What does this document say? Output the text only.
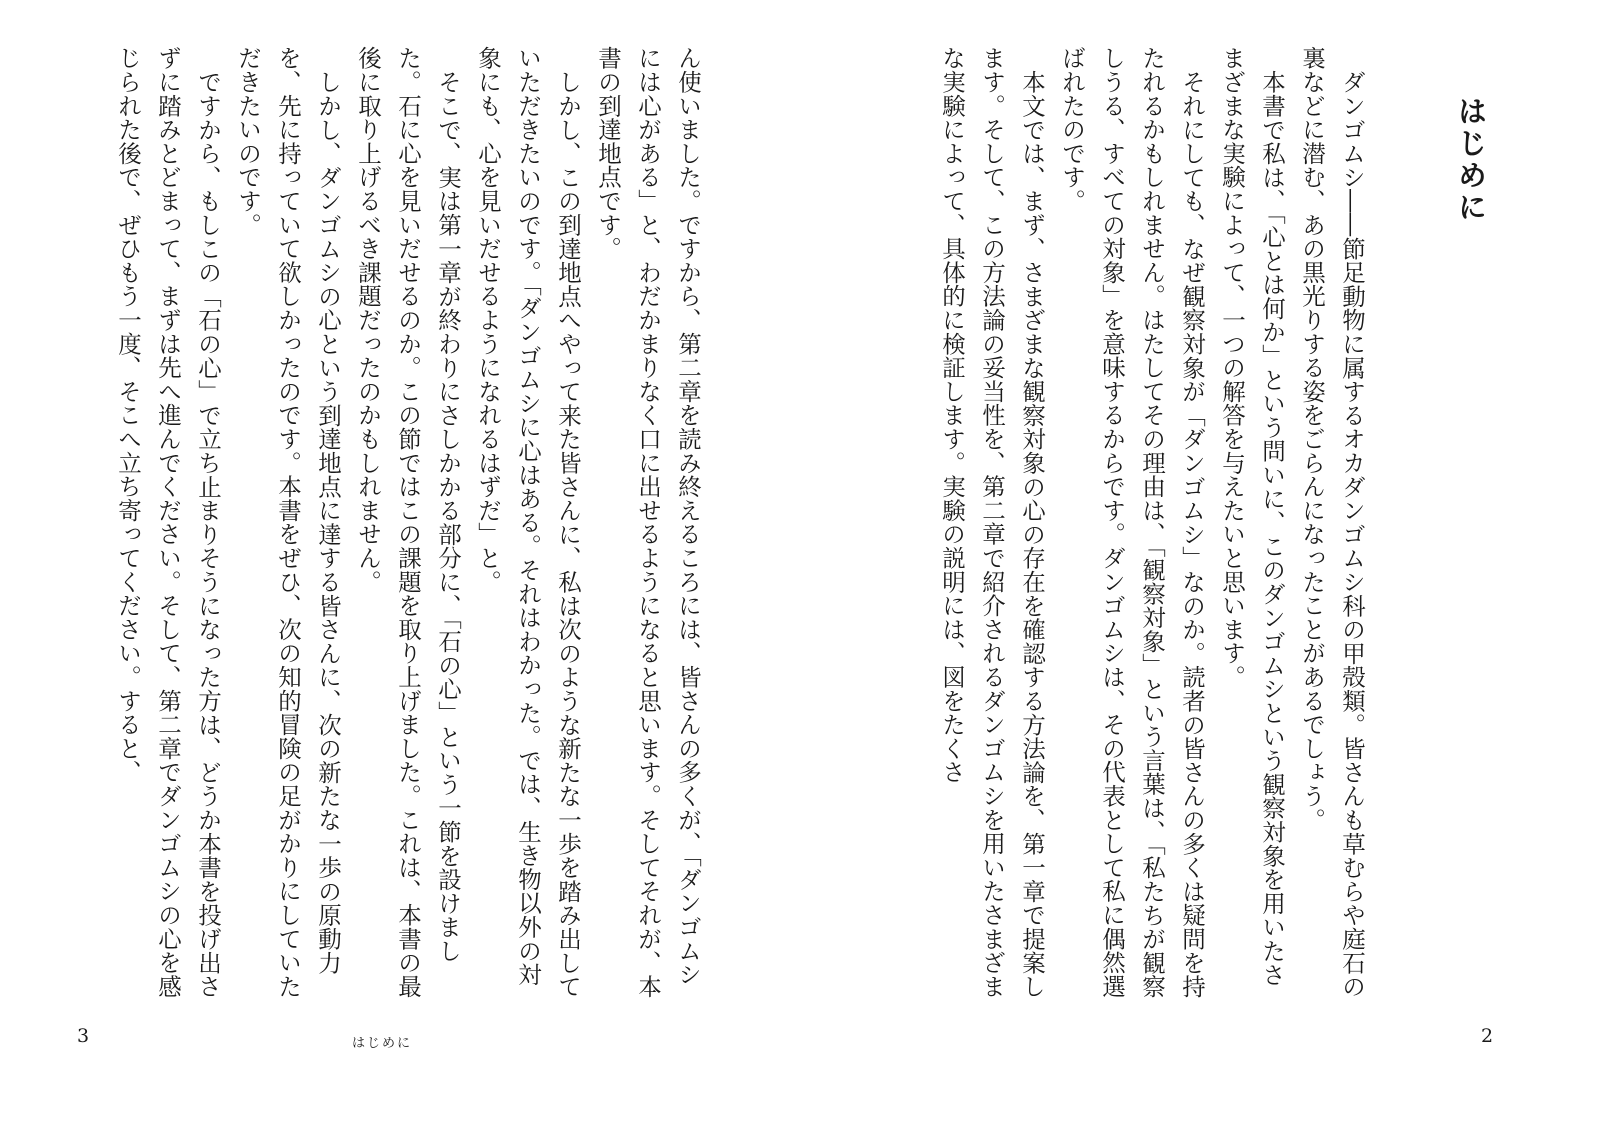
ん使いました。ですから、第二章を読み終えるころには、皆さんの多くが、「ダンゴムシには心がある」と、わだかまりなく口に出せるようになると思います。そしてそれが、本書の到達地点です。

しかし、この到達地点へやって来た皆さんに、私は次のような新たな一歩を踏み出していただきたいのです。「ダンゴムシに心はある。それはわかった。では、生き物以外の対象にも、心を見いだせるようになれるはずだ」と。

そこで、実は第一章が終わりにさしかかる部分に、「石の心」という一節を設けました。石に心を見いだせるのか。この節ではこの課題を取り上げました。これは、本書の最後に取り上げるべき課題だったのかもしれません。

しかし、ダンゴムシの心という到達地点に達する皆さんに、次の新たな一歩の原動力を、先に持っていて欲しかったのです。本書をぜひ、次の知的冒険の足がかりにしていただきたいのです。

ですから、もしこの「石の心」で立ち止まりそうになった方は、どうか本書を投げ出さずに踏みとどまって、まずは先へ進んでください。そして、第二章でダンゴムシの心を感じられた後で、ぜひもう一度、そこへ立ち寄ってください。すると、

3	はじめに

はじめに

ダンゴムシ――節足動物に属するオカダンゴムシ科の甲殻類。皆さんも草むらや庭石の裏などに潜む、あの黒光りする姿をごらんになったことがあるでしょう。

本書で私は、「心とは何か」という問いに、このダンゴムシという観察対象を用いたさまざまな実験によって、一つの解答を与えたいと思います。

それにしても、なぜ観察対象が「ダンゴムシ」なのか。読者の皆さんの多くは疑問を持たれるかもしれません。はたしてその理由は、「観察対象」という言葉は、「私たちが観察しうる、すべての対象」を意味するからです。ダンゴムシは、その代表として私に偶然選ばれたのです。

本文では、まず、さまざまな観察対象の心の存在を確認する方法論を、第一章で提案します。そして、この方法論の妥当性を、第二章で紹介されるダンゴムシを用いたさまざまな実験によって、具体的に検証します。実験の説明には、図をたくさ

2
